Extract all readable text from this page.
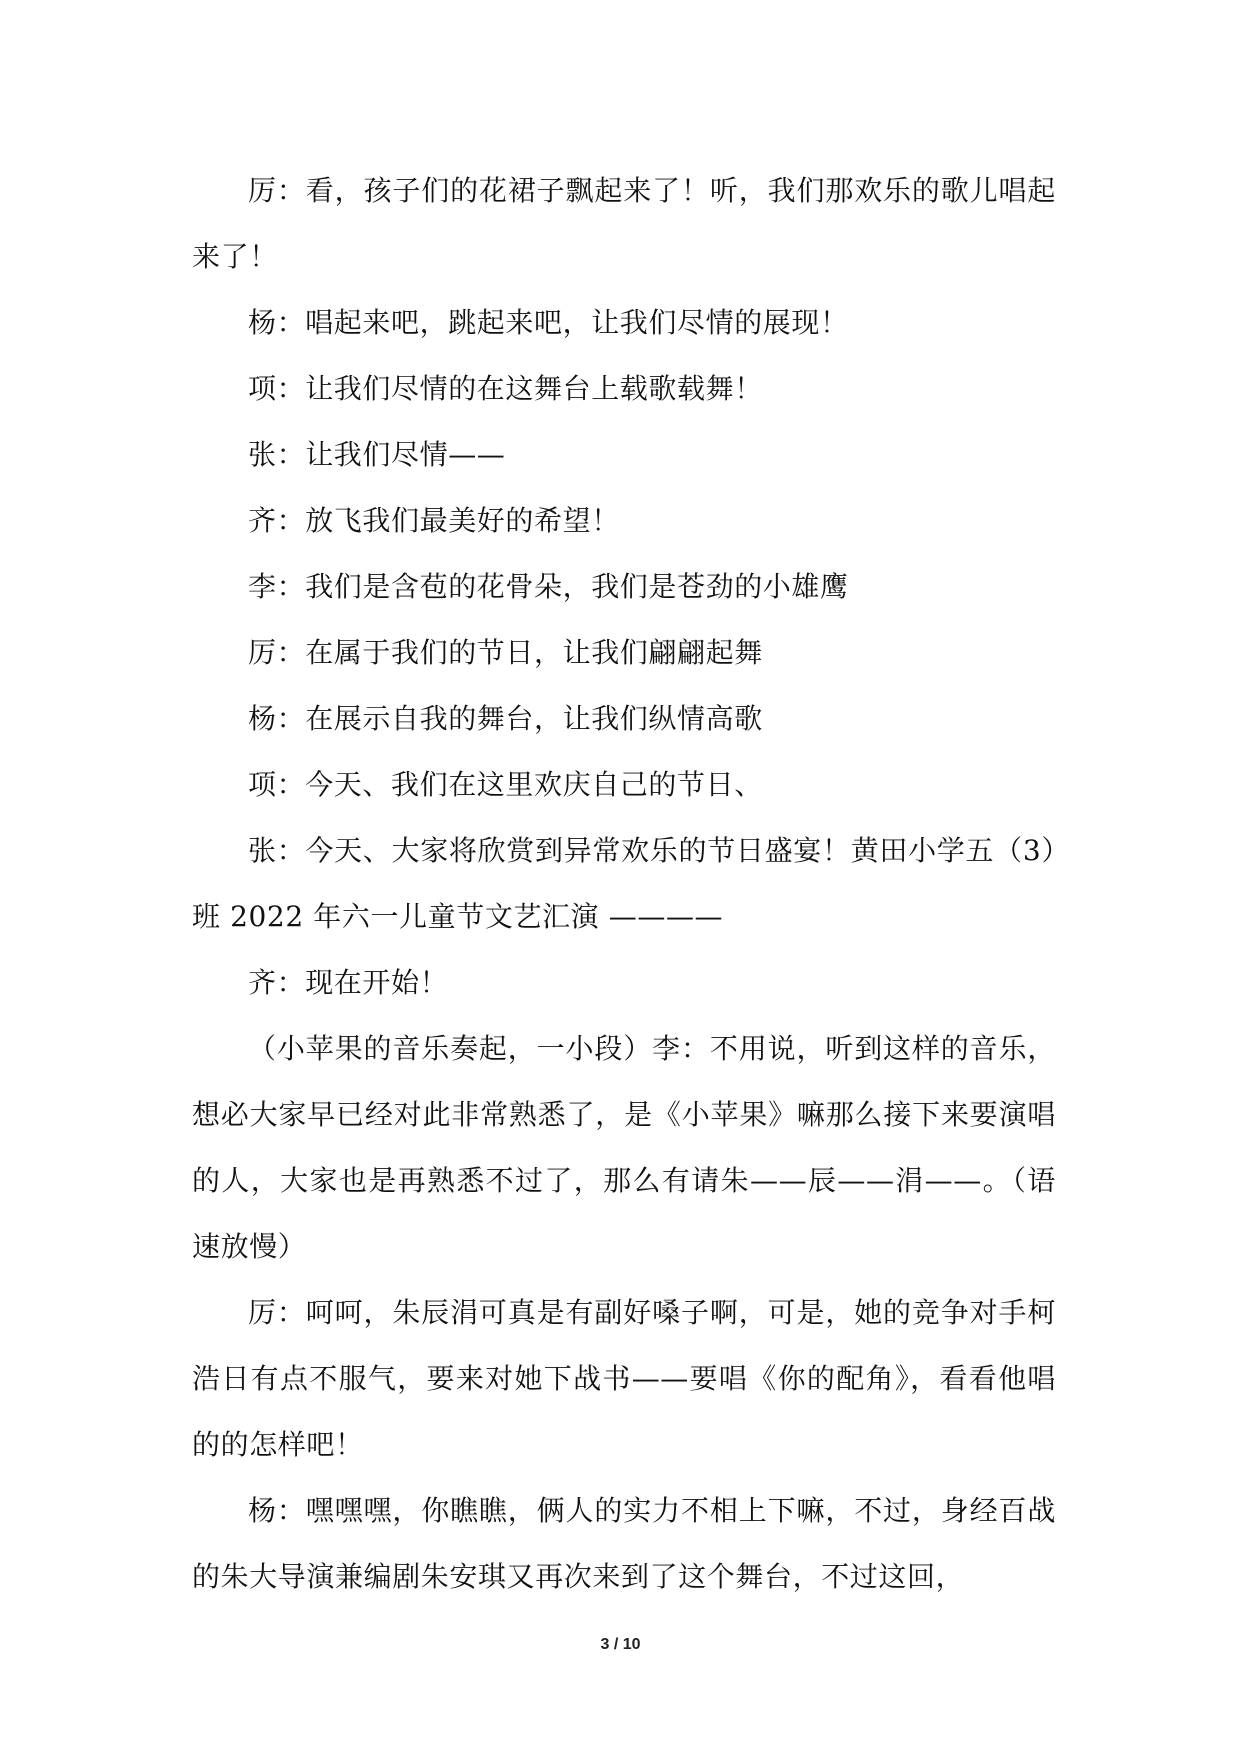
厉：看，孩子们的花裙子飘起来了！听，我们那欢乐的歌儿唱起来了！

杨：唱起来吧，跳起来吧，让我们尽情的展现！

项：让我们尽情的在这舞台上载歌载舞！

张：让我们尽情——

齐：放飞我们最美好的希望！

李：我们是含苞的花骨朵，我们是苍劲的小雄鹰

厉：在属于我们的节日，让我们翩翩起舞

杨：在展示自我的舞台，让我们纵情高歌

项：今天、我们在这里欢庆自己的节日、

张：今天、大家将欣赏到异常欢乐的节日盛宴！黄田小学五（3）班 2022 年六一儿童节文艺汇演 ————

齐：现在开始！

（小苹果的音乐奏起，一小段）李：不用说，听到这样的音乐，想必大家早已经对此非常熟悉了，是《小苹果》嘛那么接下来要演唱的人，大家也是再熟悉不过了，那么有请朱——辰——涓——。（语速放慢）

厉：呵呵，朱辰涓可真是有副好嗓子啊，可是，她的竞争对手柯浩日有点不服气，要来对她下战书——要唱《你的配角》，看看他唱的的怎样吧！

杨：嘿嘿嘿，你瞧瞧，俩人的实力不相上下嘛，不过，身经百战的朱大导演兼编剧朱安琪又再次来到了这个舞台，不过这回，

3 / 10
